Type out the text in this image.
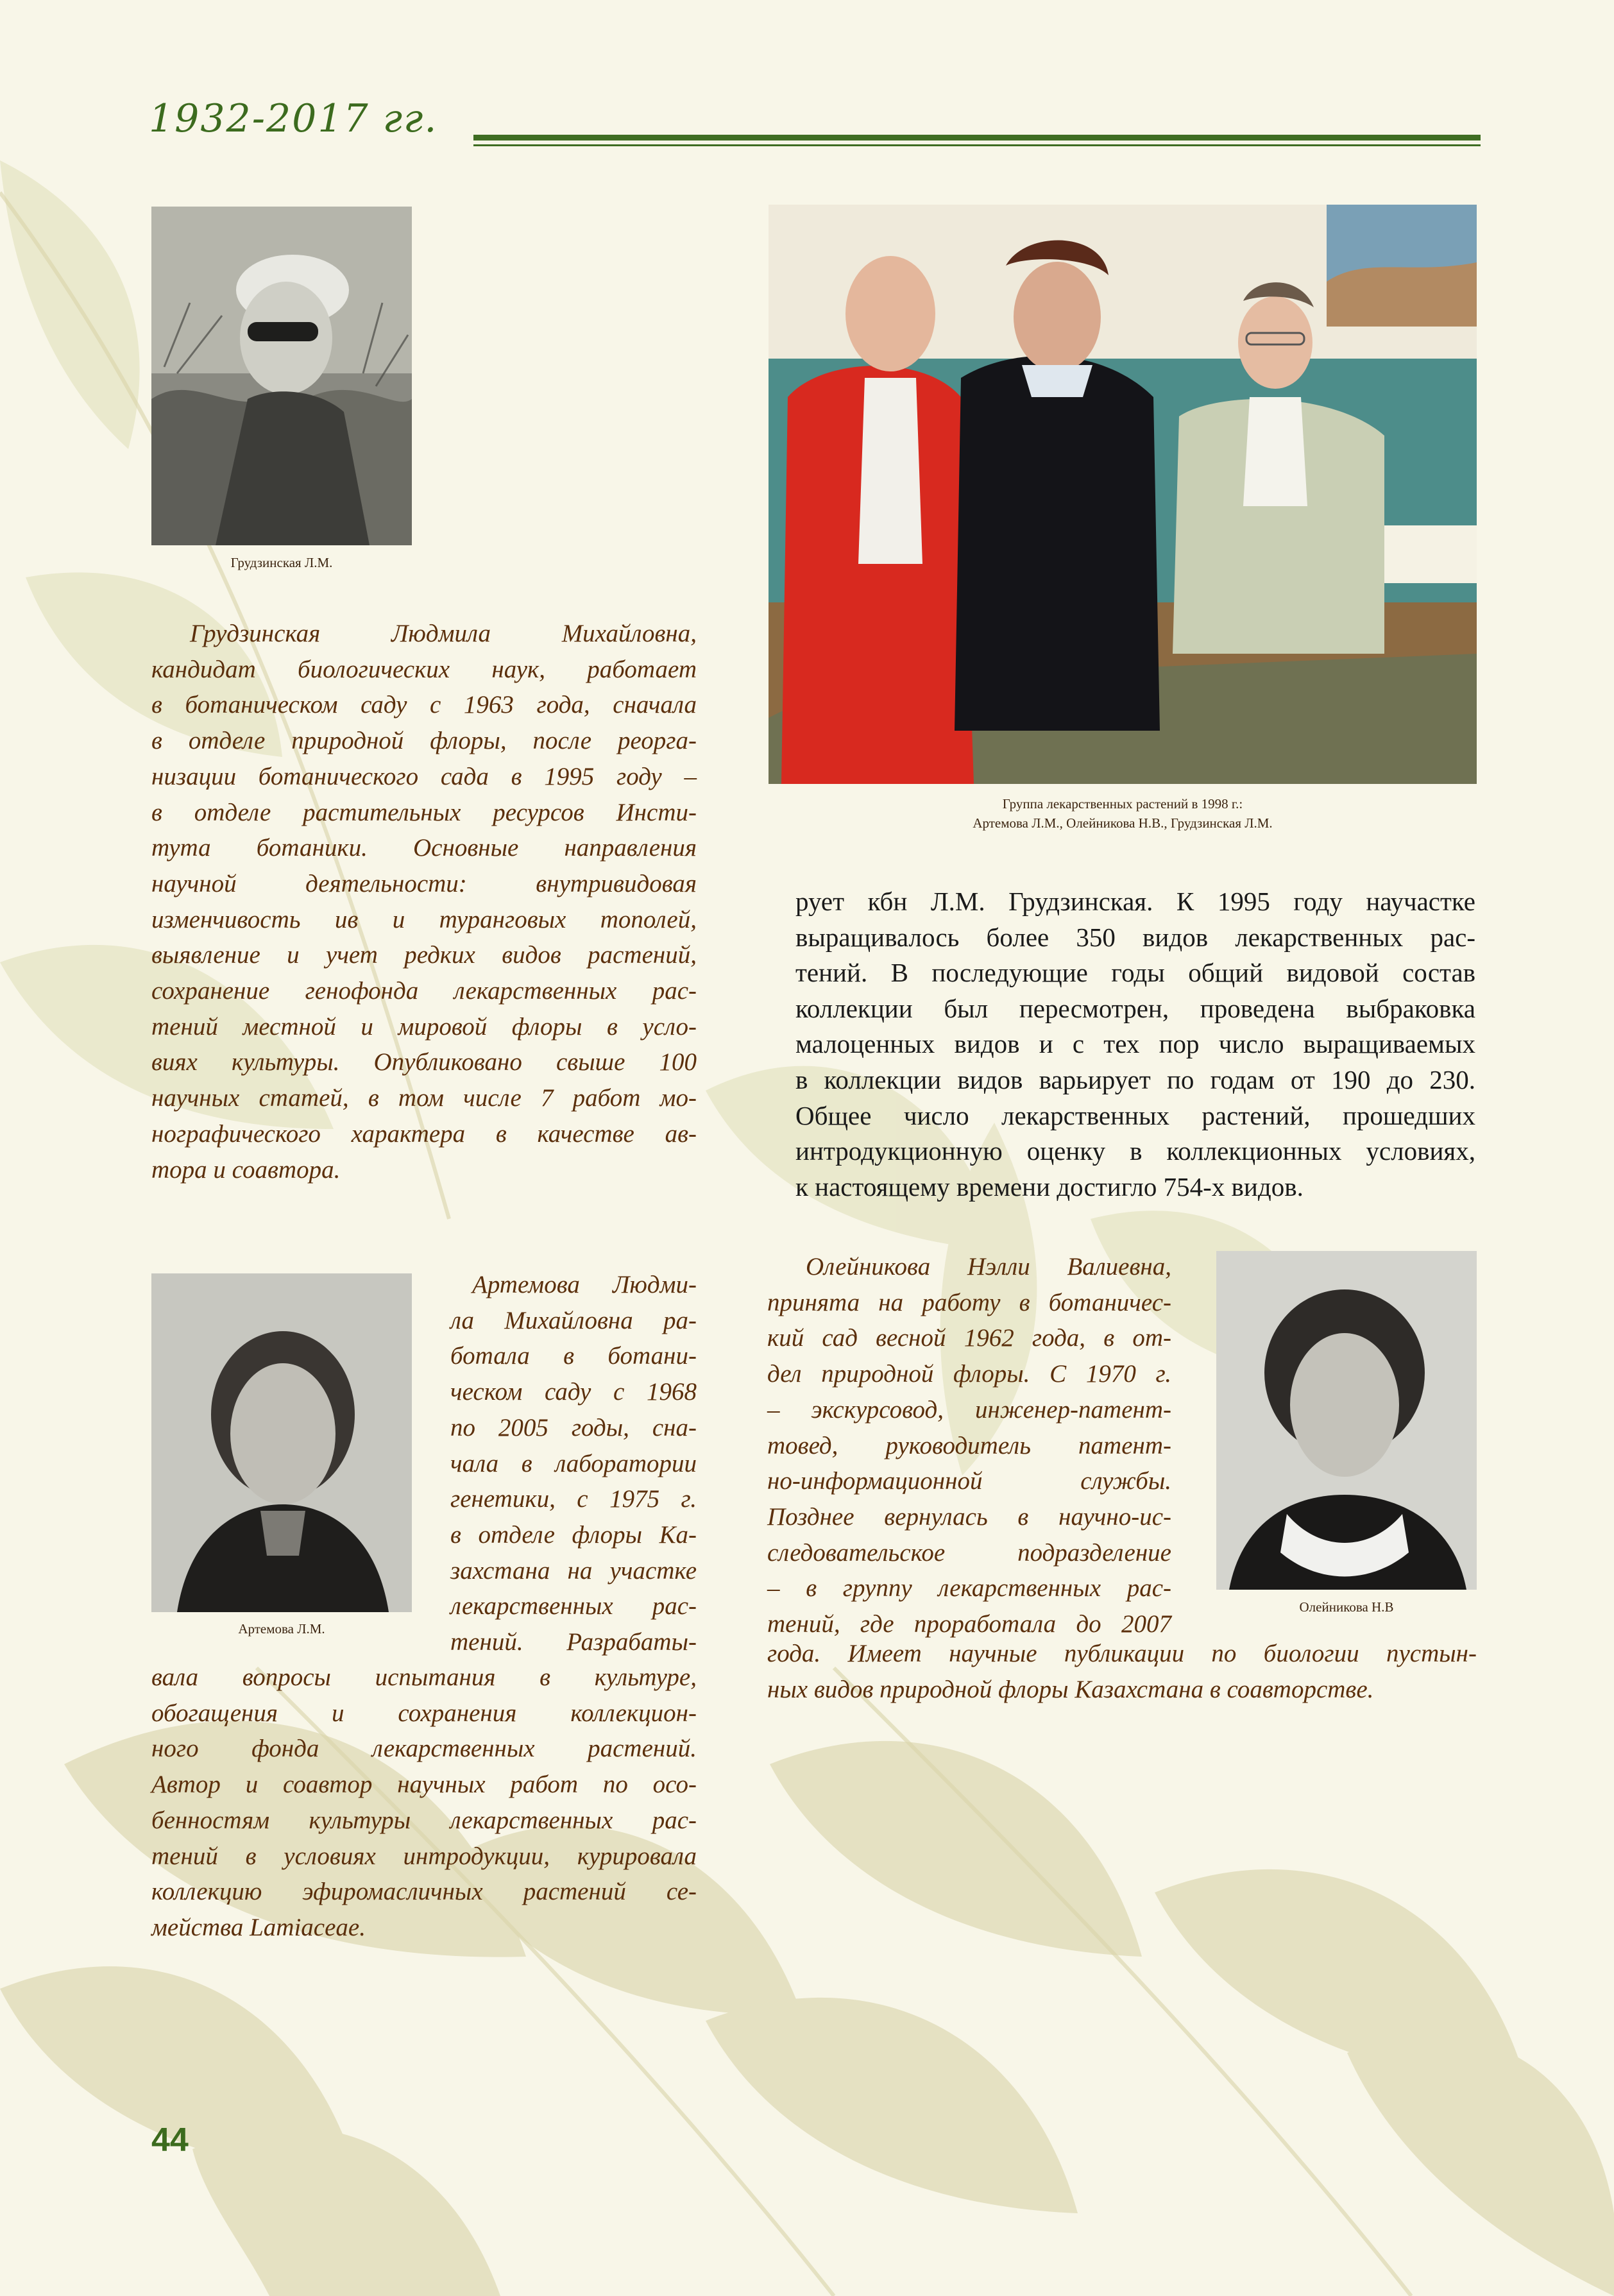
1932-2017 гг.
Грудзинская Л.М.
Группа лекарственных растений в 1998 г.:
Артемова Л.М., Олейникова Н.В., Грудзинская Л.М.
Грудзинская Людмила Михайловна,
кандидат биологических наук, работает
в ботаническом саду с 1963 года, сначала
в отделе природной флоры, после реорга-
низации ботанического сада в 1995 году –
в отделе растительных ресурсов Инсти-
тута ботаники. Основные направления
научной деятельности: внутривидовая
изменчивость ив и туранговых тополей,
выявление и учет редких видов растений,
сохранение генофонда лекарственных рас-
тений местной и мировой флоры в усло-
виях культуры. Опубликовано свыше 100
научных статей, в том числе 7 работ мо-
нографического характера в качестве ав-
тора и соавтора.
рует кбн Л.М. Грудзинская. К 1995 году научастке
выращивалось более 350 видов лекарственных рас-
тений. В последующие годы общий видовой состав
коллекции был пересмотрен, проведена выбраковка
малоценных видов и с тех пор число выращиваемых
в коллекции видов варьирует по годам от 190 до 230.
Общее число лекарственных растений, прошедших
интродукционную оценку в коллекционных условиях,
к настоящему времени достигло 754-х видов.
Артемова Л.М.
Артемова Людми-
ла Михайловна ра-
ботала в ботани-
ческом саду с 1968
по 2005 годы, сна-
чала в лаборатории
генетики, с 1975 г.
в отделе флоры Ка-
захстана на участке
лекарственных рас-
тений. Разрабаты-
вала вопросы испытания в культуре,
обогащения и сохранения коллекцион-
ного фонда лекарственных растений.
Автор и соавтор научных работ по осо-
бенностям культуры лекарственных рас-
тений в условиях интродукции, курировала
коллекцию эфиромасличных растений се-
мейства Lamiaceae.
Олейникова Нэлли Валиевна,
принята на работу в ботаничес-
кий сад весной 1962 года, в от-
дел природной флоры. С 1970 г.
– экскурсовод, инженер-патент-
товед, руководитель патент-
но-информационной службы.
Позднее вернулась в научно-ис-
следовательское подразделение
– в группу лекарственных рас-
тений, где проработала до 2007
Олейникова Н.В
года. Имеет научные публикации по биологии пустын-
ных видов природной флоры Казахстана в соавторстве.
44
